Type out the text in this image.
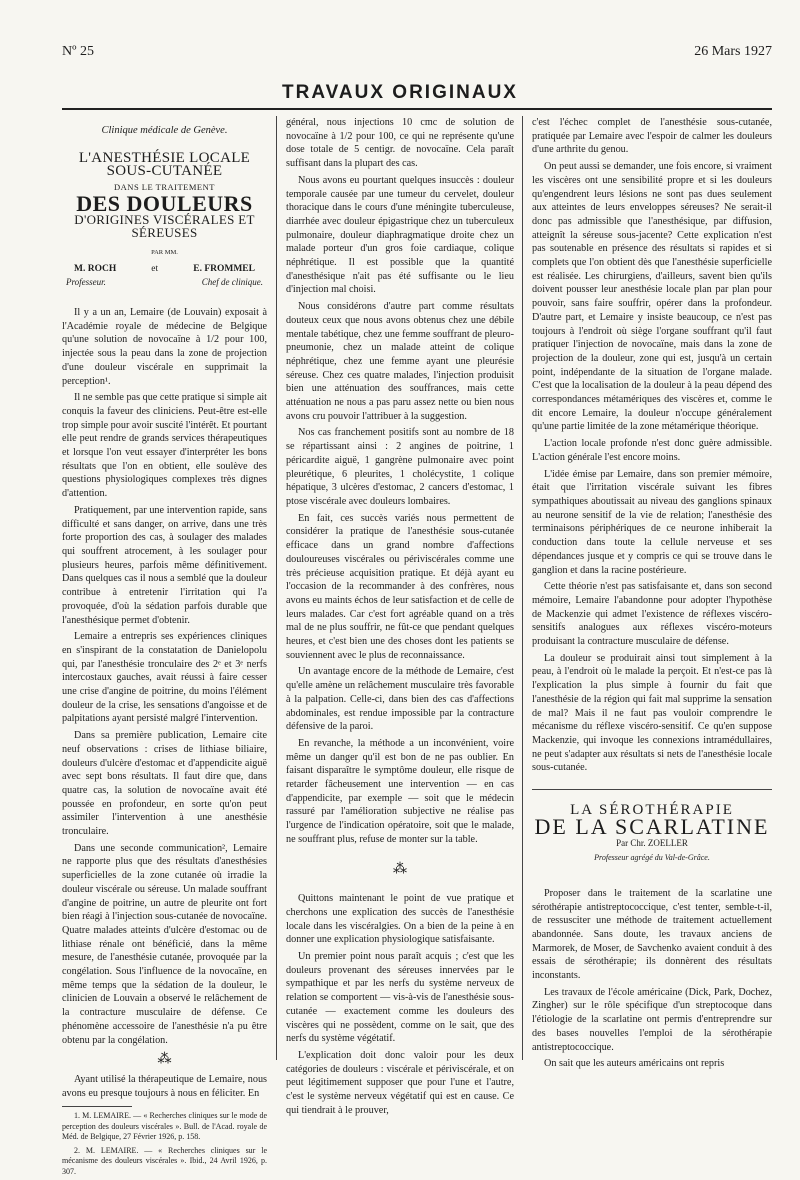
Nº 25	26 Mars 1927
TRAVAUX ORIGINAUX
Clinique médicale de Genève.
L'ANESTHÉSIE LOCALE SOUS-CUTANÉE
DANS LE TRAITEMENT
DES DOULEURS
D'ORIGINES VISCÉRALES ET SÉREUSES
PAR MM.
M. ROCH	et	E. FROMMEL
Professeur.	Chef de clinique.

Il y a un an, Lemaire (de Louvain) exposait à l'Académie royale de médecine de Belgique qu'une solution de novocaïne à 1/2 pour 100, injectée sous la peau dans la zone de projection d'une douleur viscérale en supprimait la perception¹.

Il ne semble pas que cette pratique si simple ait conquis la faveur des cliniciens. Peut-être est-elle trop simple pour avoir suscité l'intérêt. Et pourtant elle peut rendre de grands services thérapeutiques et lorsque l'on veut essayer d'interpréter les bons résultats que l'on en obtient, elle soulève des questions physiologiques complexes très dignes d'attention.

Pratiquement, par une intervention rapide, sans difficulté et sans danger, on arrive, dans une très forte proportion des cas, à soulager des malades qui souffrent atrocement, à les soulager pour plusieurs heures, parfois même définitivement. Dans quelques cas il nous a semblé que la douleur contribue à entretenir l'irritation qui l'a provoquée, d'où la sédation parfois durable que l'anesthésique permet d'obtenir.

Lemaire a entrepris ses expériences cliniques en s'inspirant de la constatation de Danielopolu qui, par l'anesthésie tronculaire des 2ᵉ et 3ᵉ nerfs intercostaux gauches, avait réussi à faire cesser une crise d'angine de poitrine, du moins l'élément douleur de la crise, les sensations d'angoisse et de palpitations ayant persisté malgré l'intervention.

Dans sa première publication, Lemaire cite neuf observations : crises de lithiase biliaire, douleurs d'ulcère d'estomac et d'appendicite aiguë avec sept bons résultats. Il faut dire que, dans quatre cas, la solution de novocaïne avait été poussée en profondeur, en sorte qu'on peut assimiler l'intervention à une anesthésie tronculaire.

Dans une seconde communication², Lemaire ne rapporte plus que des résultats d'anesthésies superficielles de la zone cutanée où irradie la douleur viscérale ou séreuse. Un malade souffrant d'angine de poitrine, un autre de pleurite ont fort bien réagi à l'injection sous-cutanée de novocaïne. Quatre malades atteints d'ulcère d'estomac ou de lithiase rénale ont bénéficié, dans la même mesure, de l'anesthésie cutanée, provoquée par la congélation. Sous l'influence de la novocaïne, en même temps que la sédation de la douleur, le clinicien de Louvain a observé le relâchement de la contracture musculaire de défense. Ce phénomène accessoire de l'anesthésie n'a pu être obtenu par la congélation.

⁂

Ayant utilisé la thérapeutique de Lemaire, nous avons eu presque toujours à nous en féliciter. En

1. M. LEMAIRE. — « Recherches cliniques sur le mode de perception des douleurs viscérales ». Bull. de l'Acad. royale de Méd. de Belgique, 27 Février 1926, p. 158.

2. M. LEMAIRE. — « Recherches cliniques sur le mécanisme des douleurs viscérales ». Ibid., 24 Avril 1926, p. 307.

général, nous injections 10 cmc de solution de novocaïne à 1/2 pour 100, ce qui ne représente qu'une dose totale de 5 centigr. de novocaïne. Cela paraît suffisant dans la plupart des cas.

Nous avons eu pourtant quelques insuccès : douleur temporale causée par une tumeur du cervelet, douleur thoracique dans le cours d'une méningite tuberculeuse, diarrhée avec douleur épigastrique chez un tuberculeux pulmonaire, douleur diaphragmatique droite chez un malade porteur d'un gros foie cardiaque, colique néphrétique. Il est possible que la quantité d'anesthésique n'ait pas été suffisante ou le lieu d'injection mal choisi.

Nous considérons d'autre part comme résultats douteux ceux que nous avons obtenus chez une débile mentale tabétique, chez une femme souffrant de pleuro-pneumonie, chez un malade atteint de colique néphrétique, chez une femme ayant une pleurésie séreuse. Chez ces quatre malades, l'injection produisit bien une atténuation des souffrances, mais cette atténuation ne nous a pas paru assez nette ou bien nous avons cru pouvoir l'attribuer à la suggestion.

Nos cas franchement positifs sont au nombre de 18 se répartissant ainsi : 2 angines de poitrine, 1 péricardite aiguë, 1 gangrène pulmonaire avec point pleurétique, 6 pleurites, 1 cholécystite, 1 colique hépatique, 3 ulcères d'estomac, 2 cancers d'estomac, 1 ptose viscérale avec douleurs lombaires.

En fait, ces succès variés nous permettent de considérer la pratique de l'anesthésie sous-cutanée efficace dans un grand nombre d'affections douloureuses viscérales ou périviscérales comme une très précieuse acquisition pratique. Et déjà ayant eu l'occasion de la recommander à des confrères, nous avons eu maints échos de leur satisfaction et de celle de leurs malades. Car c'est fort agréable quand on a très mal de ne plus souffrir, ne fût-ce que pendant quelques heures, et c'est bien une des choses dont les patients se souviennent avec le plus de reconnaissance.

Un avantage encore de la méthode de Lemaire, c'est qu'elle amène un relâchement musculaire très favorable à la palpation. Celle-ci, dans bien des cas d'affections abdominales, est rendue impossible par la contracture défensive de la paroi.

En revanche, la méthode a un inconvénient, voire même un danger qu'il est bon de ne pas oublier. En faisant disparaître le symptôme douleur, elle risque de retarder fâcheusement une intervention — en cas d'appendicite, par exemple — soit que le médecin rassuré par l'amélioration subjective ne réalise pas l'urgence de l'indication opératoire, soit que le malade, ne souffrant plus, refuse de monter sur la table.

⁂

Quittons maintenant le point de vue pratique et cherchons une explication des succès de l'anesthésie locale dans les viscéralgies. On a bien de la peine à en donner une explication physiologique satisfaisante.

Un premier point nous paraît acquis ; c'est que les douleurs provenant des séreuses innervées par le sympathique et par les nerfs du système nerveux de relation se comportent — vis-à-vis de l'anesthésie sous-cutanée — exactement comme les douleurs des viscères qui ne possèdent, comme on le sait, que des nerfs du système végétatif.

L'explication doit donc valoir pour les deux catégories de douleurs : viscérale et périviscérale, et on peut légitimement supposer que pour l'une et l'autre, c'est le système nerveux végétatif qui est en cause. Ce qui tiendrait à le prouver,

c'est l'échec complet de l'anesthésie sous-cutanée, pratiquée par Lemaire avec l'espoir de calmer les douleurs d'une arthrite du genou.

On peut aussi se demander, une fois encore, si vraiment les viscères ont une sensibilité propre et si les douleurs qu'engendrent leurs lésions ne sont pas dues seulement aux atteintes de leurs enveloppes séreuses? Ne serait-il donc pas admissible que l'anesthésique, par diffusion, atteignît la séreuse sous-jacente? Cette explication n'est pas soutenable en présence des résultats si rapides et si complets que l'on obtient dès que l'anesthésie superficielle est réalisée. Les chirurgiens, d'ailleurs, savent bien qu'ils doivent pousser leur anesthésie locale plan par plan pour pouvoir, sans faire souffrir, opérer dans la profondeur. D'autre part, et Lemaire y insiste beaucoup, ce n'est pas toujours à l'endroit où siège l'organe souffrant qu'il faut pratiquer l'injection de novocaïne, mais dans la zone de projection de la douleur, zone qui est, jusqu'à un certain point, indépendante de la situation de l'organe malade. C'est que la localisation de la douleur à la peau dépend des correspondances métamériques des viscères et, comme le dit encore Lemaire, la douleur n'occupe généralement qu'une partie limitée de la zone métamérique théorique.

L'action locale profonde n'est donc guère admissible. L'action générale l'est encore moins.

L'idée émise par Lemaire, dans son premier mémoire, était que l'irritation viscérale suivant les fibres sympathiques aboutissait au niveau des ganglions spinaux au neurone sensitif de la vie de relation; l'anesthésie des terminaisons périphériques de ce neurone inhiberait la conduction dans toute la cellule nerveuse et ses dépendances jusque et y compris ce qui se trouve dans le ganglion et dans la racine postérieure.

Cette théorie n'est pas satisfaisante et, dans son second mémoire, Lemaire l'abandonne pour adopter l'hypothèse de Mackenzie qui admet l'existence de réflexes viscéro-sensitifs analogues aux réflexes viscéro-moteurs produisant la contracture musculaire de défense.

La douleur se produirait ainsi tout simplement à la peau, à l'endroit où le malade la perçoit. Et n'est-ce pas là l'explication la plus simple à fournir du fait que l'anesthésie de la région qui fait mal supprime la sensation de mal? Mais il ne faut pas vouloir comprendre le mécanisme du réflexe viscéro-sensitif. Ce qu'en suppose Mackenzie, qui invoque les connexions intramédullaires, ne peut s'adapter aux résultats si nets de l'anesthésie locale sous-cutanée.

LA SÉROTHÉRAPIE
DE LA SCARLATINE
Par Chr. ZOELLER
Professeur agrégé du Val-de-Grâce.

Proposer dans le traitement de la scarlatine une sérothérapie antistreptococcique, c'est tenter, semble-t-il, de ressusciter une méthode de traitement actuellement abandonnée. Sans doute, les travaux anciens de Marmorek, de Moser, de Savchenko avaient conduit à des essais de sérothérapie; ils donnèrent des résultats inconstants.

Les travaux de l'école américaine (Dick, Park, Dochez, Zingher) sur le rôle spécifique d'un streptocoque dans l'étiologie de la scarlatine ont permis d'entreprendre sur des bases nouvelles l'emploi de la sérothérapie antistreptococcique.

On sait que les auteurs américains ont repris
